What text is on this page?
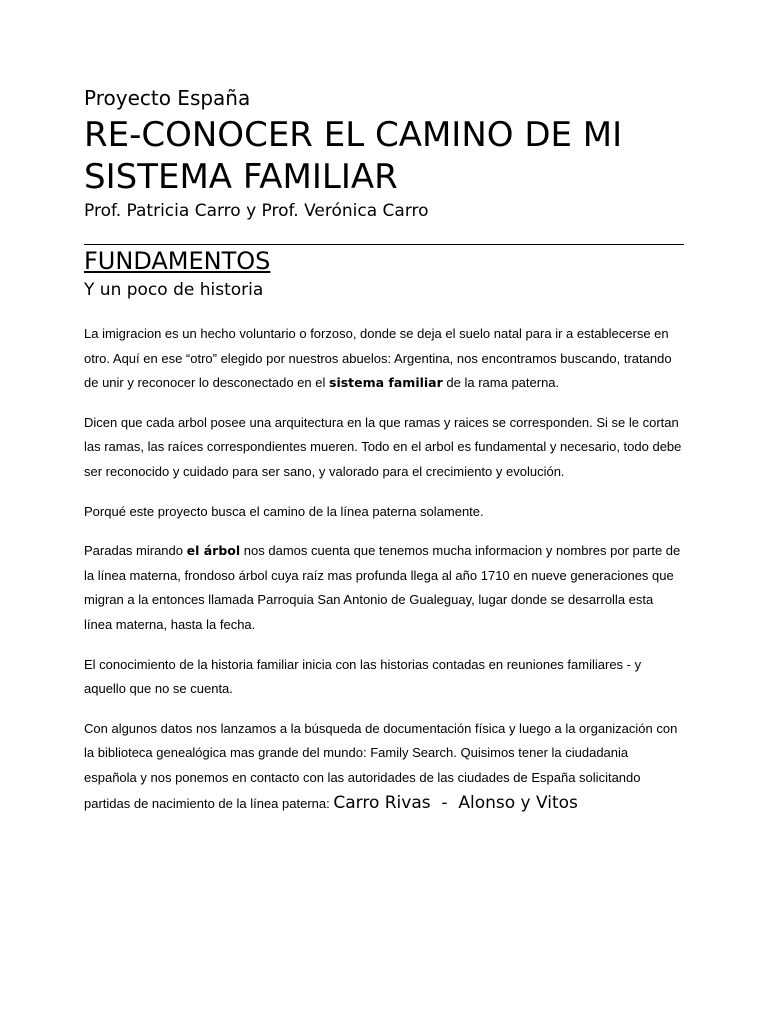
Proyecto España
RE-CONOCER EL CAMINO DE MI SISTEMA FAMILIAR
Prof. Patricia Carro y Prof. Verónica Carro
FUNDAMENTOS
Y un poco de historia

La imigracion es un hecho voluntario o forzoso, donde se deja el suelo natal para ir a establecerse en otro. Aquí en ese “otro” elegido por nuestros abuelos: Argentina, nos encontramos buscando, tratando de unir y reconocer lo desconectado en el sistema familiar de la rama paterna.

Dicen que cada arbol posee una arquitectura en la que ramas y raices se corresponden. Si se le cortan las ramas, las raíces correspondientes mueren. Todo en el arbol es fundamental y necesario, todo debe ser reconocido y cuidado para ser sano, y valorado para el crecimiento y evolución.

Porqué este proyecto busca el camino de la línea paterna solamente.

Paradas mirando el árbol nos damos cuenta que tenemos mucha informacion y nombres por parte de la línea materna, frondoso árbol cuya raíz mas profunda llega al año 1710 en nueve generaciones que migran a la entonces llamada Parroquia San Antonio de Gualeguay, lugar donde se desarrolla esta línea materna, hasta la fecha.

El conocimiento de la historia familiar inicia con las historias contadas en reuniones familiares - y aquello que no se cuenta.

Con algunos datos nos lanzamos a la búsqueda de documentación física y luego a la organización con la biblioteca genealógica mas grande del mundo: Family Search. Quisimos tener la ciudadania española y nos ponemos en contacto con las autoridades de las ciudades de España solicitando partidas de nacimiento de la línea paterna: Carro Rivas  -  Alonso y Vitos
